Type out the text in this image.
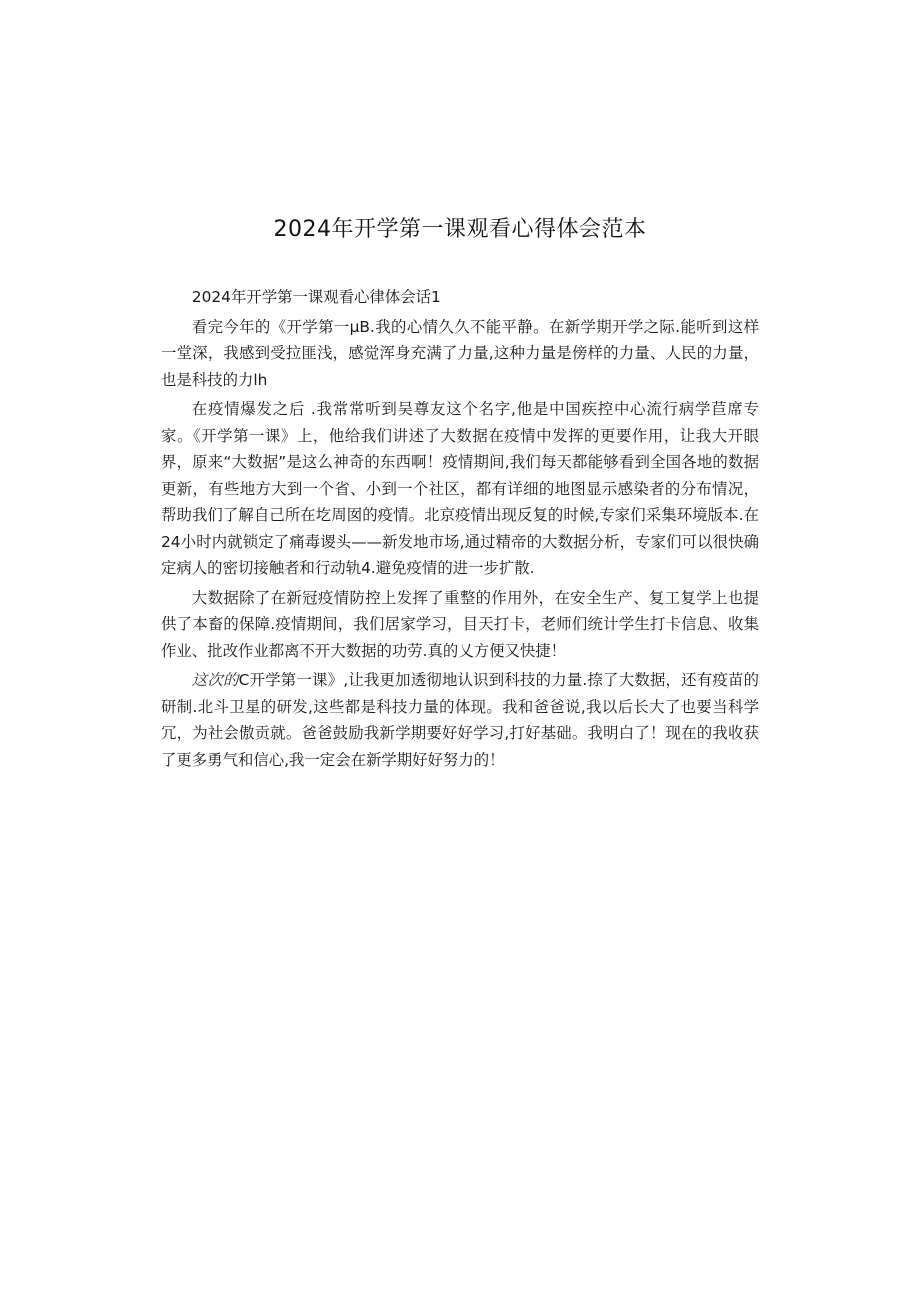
2024年开学第一课观看心得体会范本

2024年开学第一课观看心律体会话1

看完今年的《开学第一μB.我的心情久久不能平静。在新学期开学之际.能听到这样一堂深，我感到受拉匪浅，感觉浑身充满了力量,这种力量是傍样的力量、人民的力量，也是科技的力lh

在疫情爆发之后 .我常常听到吴尊友这个名字,他是中国疾控中心流行病学苣席专家。《开学第一课》上，他给我们讲述了大数据在疫情中发挥的更要作用，让我大开眼界，原来“大数据”是这么神奇的东西啊！疫情期间,我们每天都能够看到全国各地的数据更新，有些地方大到一个省、小到一个社区，都有详细的地图显示感染者的分布情况，帮助我们了解自己所在圪周囡的疫情。北京疫情出现反复的时候,专家们采集环境版本.在24小时内就锁定了痛毒谡头——新发地市场,通过精帝的大数据分析，专家们可以很快确定病人的密切接触者和行动轨4.避免疫情的进一步扩散.

大数据除了在新冠疫情防控上发挥了重整的作用外，在安全生产、复工复学上也提供了本畜的保障.疫情期间，我们居家学习，目天打卡，老师们统计学生打卡信息、收集作业、批改作业都离不开大数据的功劳.真的乂方便又快捷！

这次的C开学第一课》,让我更加透彻地认识到科技的力量.捺了大数据，还有疫苗的研制.北斗卫星的研发,这些都是科技力量的体现。我和爸爸说,我以后长大了也要当科学冗，为社会傲贡就。爸爸鼓励我新学期要好好学习,打好基础。我明白了！现在的我收获了更多勇气和信心,我一定会在新学期好好努力的！
